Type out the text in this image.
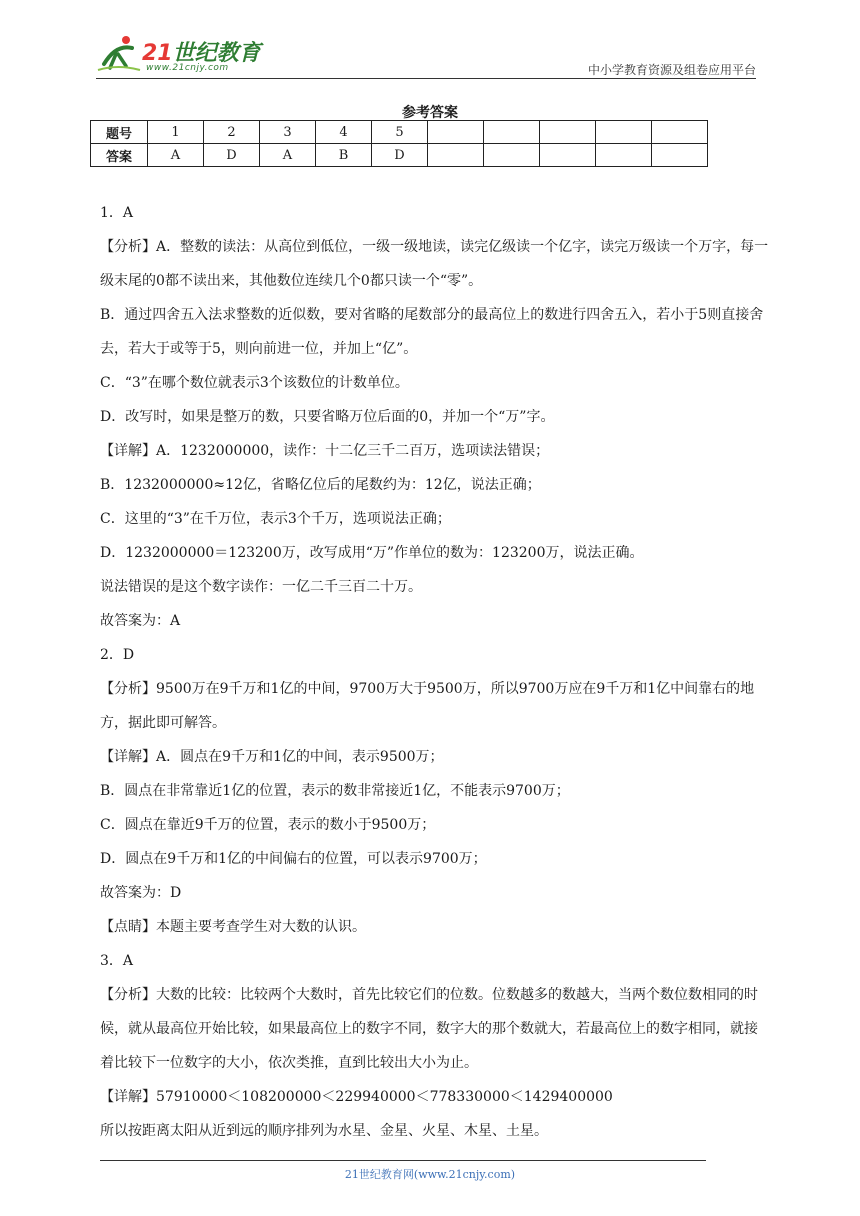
21世纪教育
www.21cnjy.com	中小学教育资源及组卷应用平台
参考答案
题号	1	2	3	4	5					
答案	A	D	A	B	D					

1．A

【分析】A．整数的读法：从高位到低位，一级一级地读，读完亿级读一个亿字，读完万级读一个万字，每一级末尾的0都不读出来，其他数位连续几个0都只读一个“零”。

B．通过四舍五入法求整数的近似数，要对省略的尾数部分的最高位上的数进行四舍五入，若小于5则直接舍去，若大于或等于5，则向前进一位，并加上“亿”。

C．“3”在哪个数位就表示3个该数位的计数单位。

D．改写时，如果是整万的数，只要省略万位后面的0，并加一个“万”字。

【详解】A．1232000000，读作：十二亿三千二百万，选项读法错误；

B．1232000000≈12亿，省略亿位后的尾数约为：12亿，说法正确；

C．这里的“3”在千万位，表示3个千万，选项说法正确；

D．1232000000＝123200万，改写成用“万”作单位的数为：123200万，说法正确。

说法错误的是这个数字读作：一亿二千三百二十万。

故答案为：A

2．D

【分析】9500万在9千万和1亿的中间，9700万大于9500万，所以9700万应在9千万和1亿中间靠右的地方，据此即可解答。

【详解】A．圆点在9千万和1亿的中间，表示9500万；

B．圆点在非常靠近1亿的位置，表示的数非常接近1亿，不能表示9700万；

C．圆点在靠近9千万的位置，表示的数小于9500万；

D．圆点在9千万和1亿的中间偏右的位置，可以表示9700万；

故答案为：D

【点睛】本题主要考查学生对大数的认识。

3．A

【分析】大数的比较：比较两个大数时，首先比较它们的位数。位数越多的数越大，当两个数位数相同的时候，就从最高位开始比较，如果最高位上的数字不同，数字大的那个数就大，若最高位上的数字相同，就接着比较下一位数字的大小，依次类推，直到比较出大小为止。

【详解】57910000＜108200000＜229940000＜778330000＜1429400000

所以按距离太阳从近到远的顺序排列为水星、金星、火星、木星、土星。

21世纪教育网(www.21cnjy.com)
